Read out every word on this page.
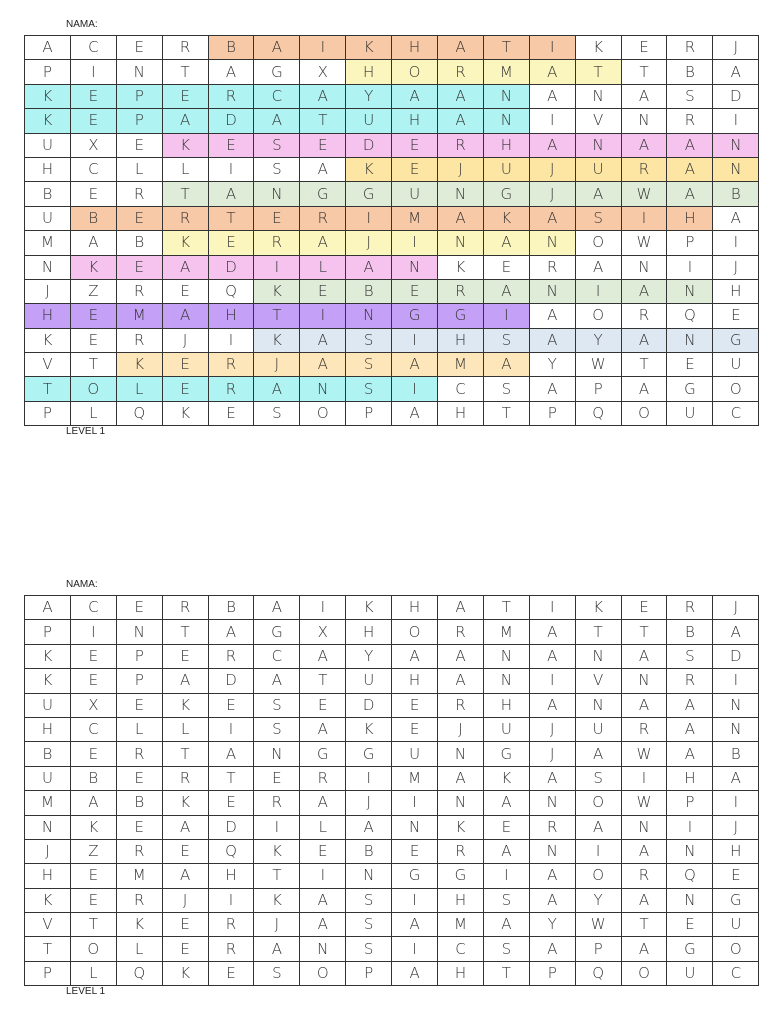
NAMA:
A	C	E	R	B	A	I	K	H	A	T	I	K	E	R	J
P	I	N	T	A	G	X	H	O	R	M	A	T	T	B	A
K	E	P	E	R	C	A	Y	A	A	N	A	N	A	S	D
K	E	P	A	D	A	T	U	H	A	N	I	V	N	R	I
U	X	E	K	E	S	E	D	E	R	H	A	N	A	A	N
H	C	L	L	I	S	A	K	E	J	U	J	U	R	A	N
B	E	R	T	A	N	G	G	U	N	G	J	A	W	A	B
U	B	E	R	T	E	R	I	M	A	K	A	S	I	H	A
M	A	B	K	E	R	A	J	I	N	A	N	O	W	P	I
N	K	E	A	D	I	L	A	N	K	E	R	A	N	I	J
J	Z	R	E	Q	K	E	B	E	R	A	N	I	A	N	H
H	E	M	A	H	T	I	N	G	G	I	A	O	R	Q	E
K	E	R	J	I	K	A	S	I	H	S	A	Y	A	N	G
V	T	K	E	R	J	A	S	A	M	A	Y	W	T	E	U
T	O	L	E	R	A	N	S	I	C	S	A	P	A	G	O
P	L	Q	K	E	S	O	P	A	H	T	P	Q	O	U	C
LEVEL 1
NAMA:
A	C	E	R	B	A	I	K	H	A	T	I	K	E	R	J
P	I	N	T	A	G	X	H	O	R	M	A	T	T	B	A
K	E	P	E	R	C	A	Y	A	A	N	A	N	A	S	D
K	E	P	A	D	A	T	U	H	A	N	I	V	N	R	I
U	X	E	K	E	S	E	D	E	R	H	A	N	A	A	N
H	C	L	L	I	S	A	K	E	J	U	J	U	R	A	N
B	E	R	T	A	N	G	G	U	N	G	J	A	W	A	B
U	B	E	R	T	E	R	I	M	A	K	A	S	I	H	A
M	A	B	K	E	R	A	J	I	N	A	N	O	W	P	I
N	K	E	A	D	I	L	A	N	K	E	R	A	N	I	J
J	Z	R	E	Q	K	E	B	E	R	A	N	I	A	N	H
H	E	M	A	H	T	I	N	G	G	I	A	O	R	Q	E
K	E	R	J	I	K	A	S	I	H	S	A	Y	A	N	G
V	T	K	E	R	J	A	S	A	M	A	Y	W	T	E	U
T	O	L	E	R	A	N	S	I	C	S	A	P	A	G	O
P	L	Q	K	E	S	O	P	A	H	T	P	Q	O	U	C
LEVEL 1
